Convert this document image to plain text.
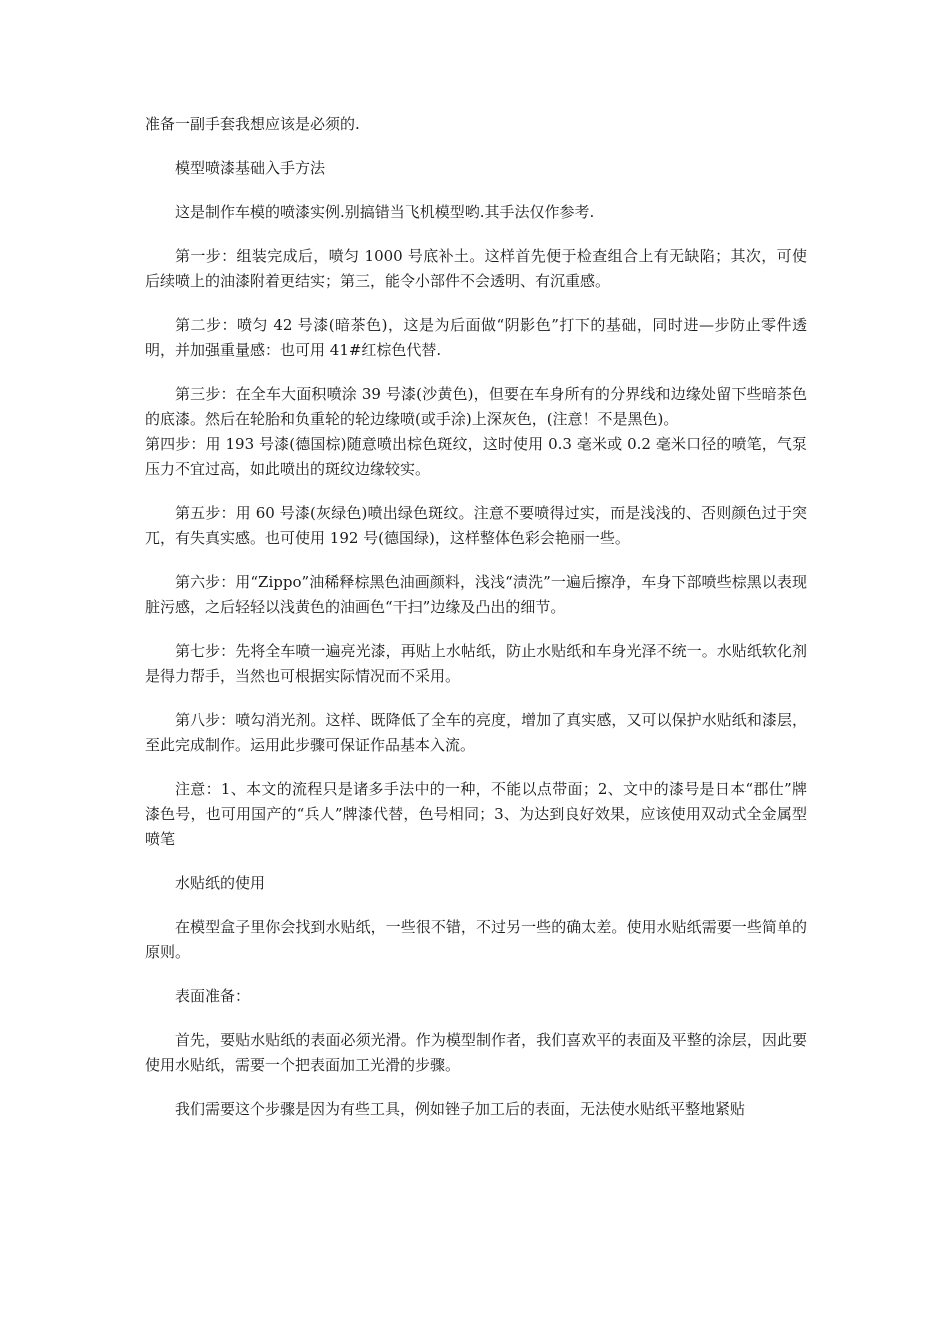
准备一副手套我想应该是必须的.

模型喷漆基础入手方法

这是制作车模的喷漆实例.别搞错当飞机模型哟.其手法仅作参考.

第一步：组装完成后，喷匀 1000 号底补土。这样首先便于检查组合上有无缺陷；其次，可使后续喷上的油漆附着更结实；第三，能令小部件不会透明、有沉重感。

第二步：喷匀 42 号漆(暗茶色)，这是为后面做“阴影色”打下的基础，同时进—步防止零件透明，并加强重量感：也可用 41#红棕色代替.

第三步：在全车大面积喷涂 39 号漆(沙黄色)，但要在车身所有的分界线和边缘处留下些暗茶色的底漆。然后在轮胎和负重轮的轮边缘喷(或手涂)上深灰色，(注意！不是黑色)。

第四步：用 193 号漆(德国棕)随意喷出棕色斑纹，这时使用 0.3 毫米或 0.2 毫米口径的喷笔，气泵压力不宜过高，如此喷出的斑纹边缘较实。

第五步：用 60 号漆(灰绿色)喷出绿色斑纹。注意不要喷得过实，而是浅浅的、否则颜色过于突兀，有失真实感。也可使用 192 号(德国绿)，这样整体色彩会艳丽一些。

第六步：用“Zippo”油稀释棕黑色油画颜料，浅浅“渍洗”一遍后擦净，车身下部喷些棕黑以表现脏污感，之后轻轻以浅黄色的油画色“干扫”边缘及凸出的细节。

第七步：先将全车喷一遍亮光漆，再贴上水帖纸，防止水贴纸和车身光泽不统一。水贴纸软化剂是得力帮手，当然也可根据实际情况而不采用。

第八步：喷勾消光剂。这样、既降低了全车的亮度，增加了真实感，又可以保护水贴纸和漆层，至此完成制作。运用此步骤可保证作品基本入流。

注意：1、本文的流程只是诸多手法中的一种，不能以点带面；2、文中的漆号是日本“郡仕”牌漆色号，也可用国产的“兵人”牌漆代替，色号相同；3、为达到良好效果，应该使用双动式全金属型喷笔

水贴纸的使用

在模型盒子里你会找到水贴纸，一些很不错，不过另一些的确太差。使用水贴纸需要一些简单的原则。

表面准备：

首先，要贴水贴纸的表面必须光滑。作为模型制作者，我们喜欢平的表面及平整的涂层，因此要使用水贴纸，需要一个把表面加工光滑的步骤。

我们需要这个步骤是因为有些工具，例如锉子加工后的表面，无法使水贴纸平整地紧贴
